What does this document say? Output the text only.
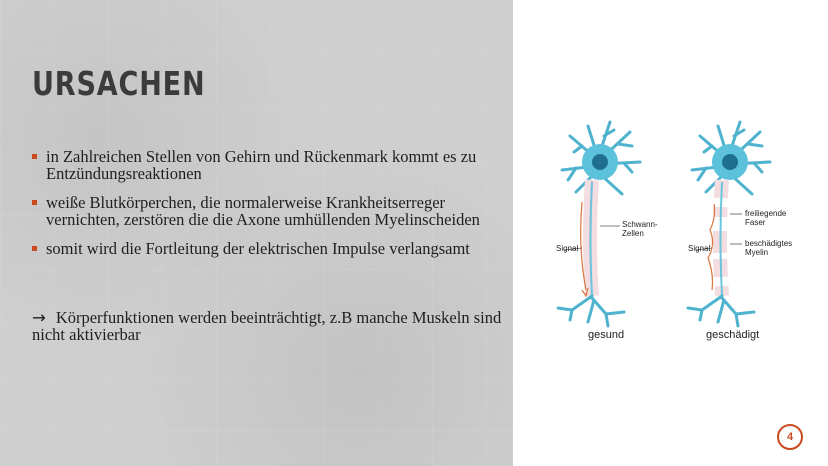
URSACHEN
in Zahlreichen Stellen von Gehirn und Rückenmark kommt es zu Entzündungsreaktionen
weiße Blutkörperchen, die normalerweise Krankheitserreger vernichten, zerstören die die Axone umhüllenden Myelinscheiden
somit wird die Fortleitung der elektrischen Impulse verlangsamt

→ Körperfunktionen werden beeinträchtigt, z.B manche Muskeln sind nicht aktivierbar

Signal
Schwann-
Zellen
gesund
Signal
freiliegende
Faser
beschädigtes
Myelin
geschädigt
4
